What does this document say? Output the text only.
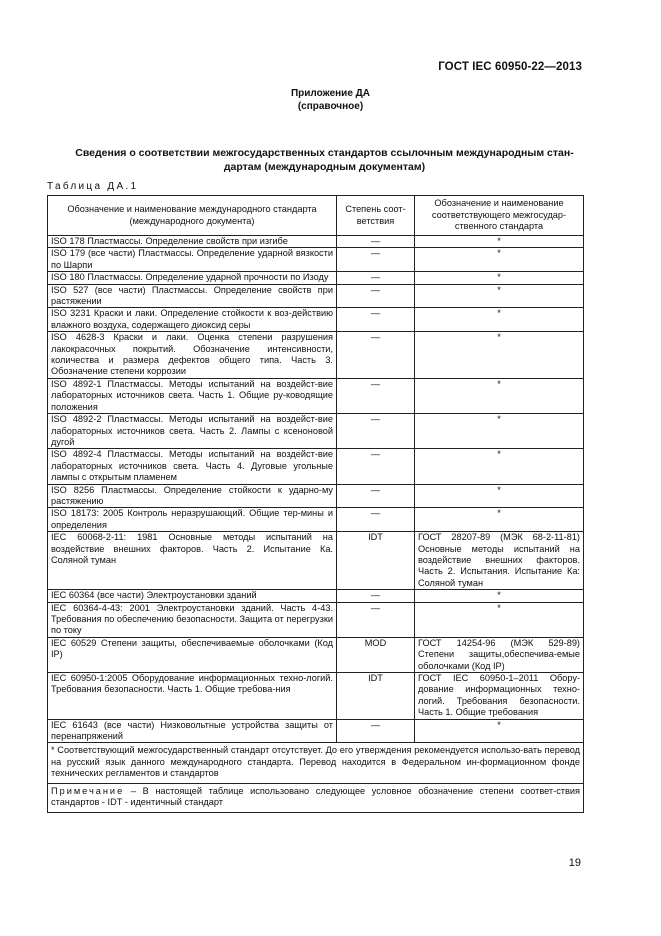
ГОСТ IEC 60950-22—2013
Приложение ДА
(справочное)
Сведения о соответствии межгосударственных стандартов ссылочным международным стан-
дартам (международным документам)
Таблица ДА.1
Обозначение и наименование международного стандарта (международного документа)	Степень соот-ветствия	Обозначение и наименование соответствующего межгосудар-ственного стандарта
ISO 178 Пластмассы. Определение свойств при изгибе	—	*
ISO 179 (все части) Пластмассы. Определение ударной вязкости по Шарпи	—	*
ISO 180 Пластмассы. Определение ударной прочности по Изоду	—	*
ISO 527 (все части) Пластмассы. Определение свойств при растяжении	—	*
ISO 3231 Краски и лаки. Определение стойкости к воз-действию влажного воздуха, содержащего диоксид серы	—	*
ISO 4628-3 Краски и лаки. Оценка степени разрушения лакокрасочных покрытий. Обозначение интенсивности, количества и размера дефектов общего типа. Часть 3. Обозначение степени коррозии	—	*
ISO 4892-1 Пластмассы. Методы испытаний на воздейст-вие лабораторных источников света. Часть 1. Общие ру-ководящие положения	—	*
ISO 4892-2 Пластмассы. Методы испытаний на воздейст-вие лабораторных источников света. Часть 2. Лампы с ксеноновой дугой	—	*
ISO 4892-4 Пластмассы. Методы испытаний на воздейст-вие лабораторных источников света. Часть 4. Дуговые угольные лампы с открытым пламенем	—	*
ISO 8256 Пластмассы. Определение стойкости к ударно-му растяжению	—	*
ISO 18173: 2005 Контроль неразрушающий. Общие тер-мины и определения	—	*
IEC 60068-2-11: 1981 Основные методы испытаний на воздействие внешних факторов. Часть 2. Испытание Ка. Соляной туман	IDT	ГОСТ 28207-89 (МЭК 68-2-11-81) Основные методы испытаний на воздействие внешних факторов. Часть 2. Испытания. Испытание Ка: Соляной туман
IEC 60364 (все части) Электроустановки зданий	—	*
IEC 60364-4-43: 2001 Электроустановки зданий. Часть 4-43. Требования по обеспечению безопасности. Защита от перегрузки по току	—	*
IEC 60529 Степени защиты, обеспечиваемые оболочками (Код IP)	MOD	ГОСТ 14254-96 (МЭК 529-89) Степени защиты,обеспечива-емые оболочками (Код IP)
IEC 60950-1:2005 Оборудование информационных техно-логий. Требования безопасности. Часть 1. Общие требова-ния	IDT	ГОСТ IEC 60950-1–2011 Обору-дование информационных техно-логий. Требования безопасности. Часть 1. Общие требования
IEC 61643 (все части) Низковольтные устройства защиты от перенапряжений	—	*
* Соответствующий межгосударственный стандарт отсутствует. До его утверждения рекомендуется использо-вать перевод на русский язык данного международного стандарта. Перевод находится в Федеральном ин-формационном фонде технических регламентов и стандартов		
Примечание – В настоящей таблице использовано следующее условное обозначение степени соответ-ствия стандартов - IDT - идентичный стандарт		
19
